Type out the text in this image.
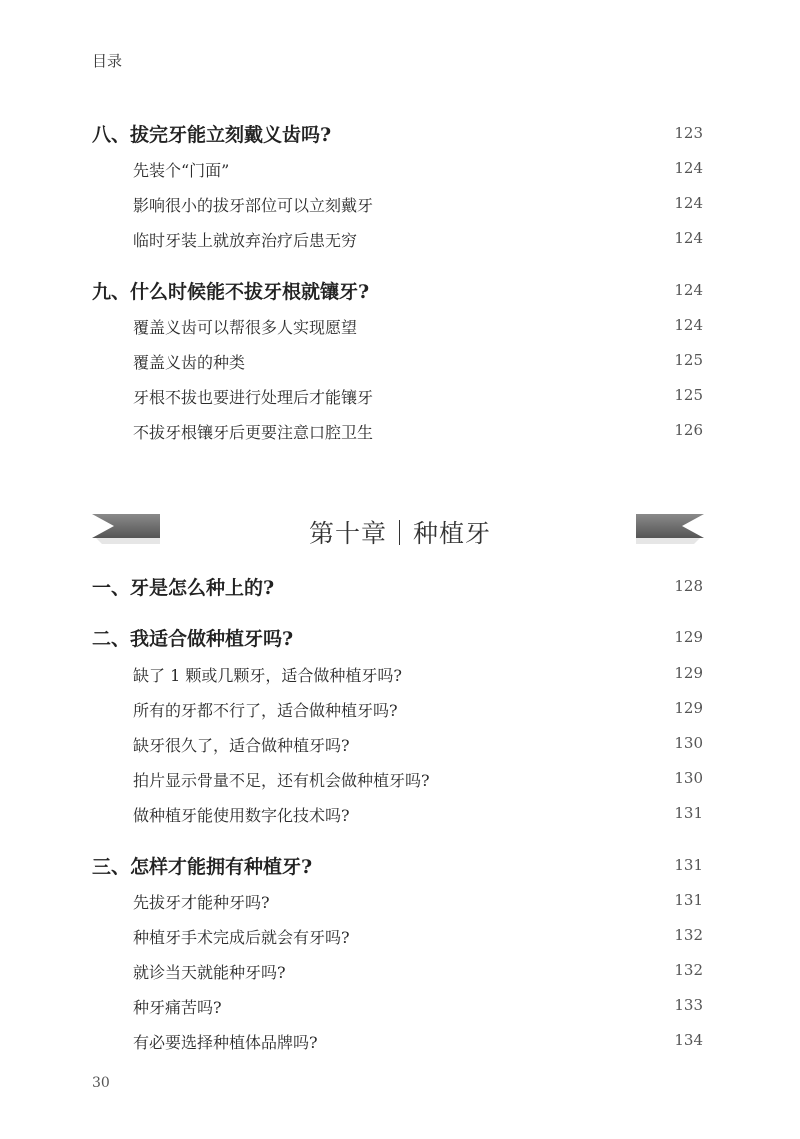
目录
八、拔完牙能立刻戴义齿吗?	123
先装个“门面”	124
影响很小的拔牙部位可以立刻戴牙	124
临时牙装上就放弃治疗后患无穷	124
九、什么时候能不拔牙根就镶牙?	124
覆盖义齿可以帮很多人实现愿望	124
覆盖义齿的种类	125
牙根不拔也要进行处理后才能镶牙	125
不拔牙根镶牙后更要注意口腔卫生	126
第十章｜种植牙
一、牙是怎么种上的?	128
二、我适合做种植牙吗?	129
缺了 1 颗或几颗牙，适合做种植牙吗?	129
所有的牙都不行了，适合做种植牙吗?	129
缺牙很久了，适合做种植牙吗?	130
拍片显示骨量不足，还有机会做种植牙吗?	130
做种植牙能使用数字化技术吗?	131
三、怎样才能拥有种植牙?	131
先拔牙才能种牙吗?	131
种植牙手术完成后就会有牙吗?	132
就诊当天就能种牙吗?	132
种牙痛苦吗?	133
有必要选择种植体品牌吗?	134
30
